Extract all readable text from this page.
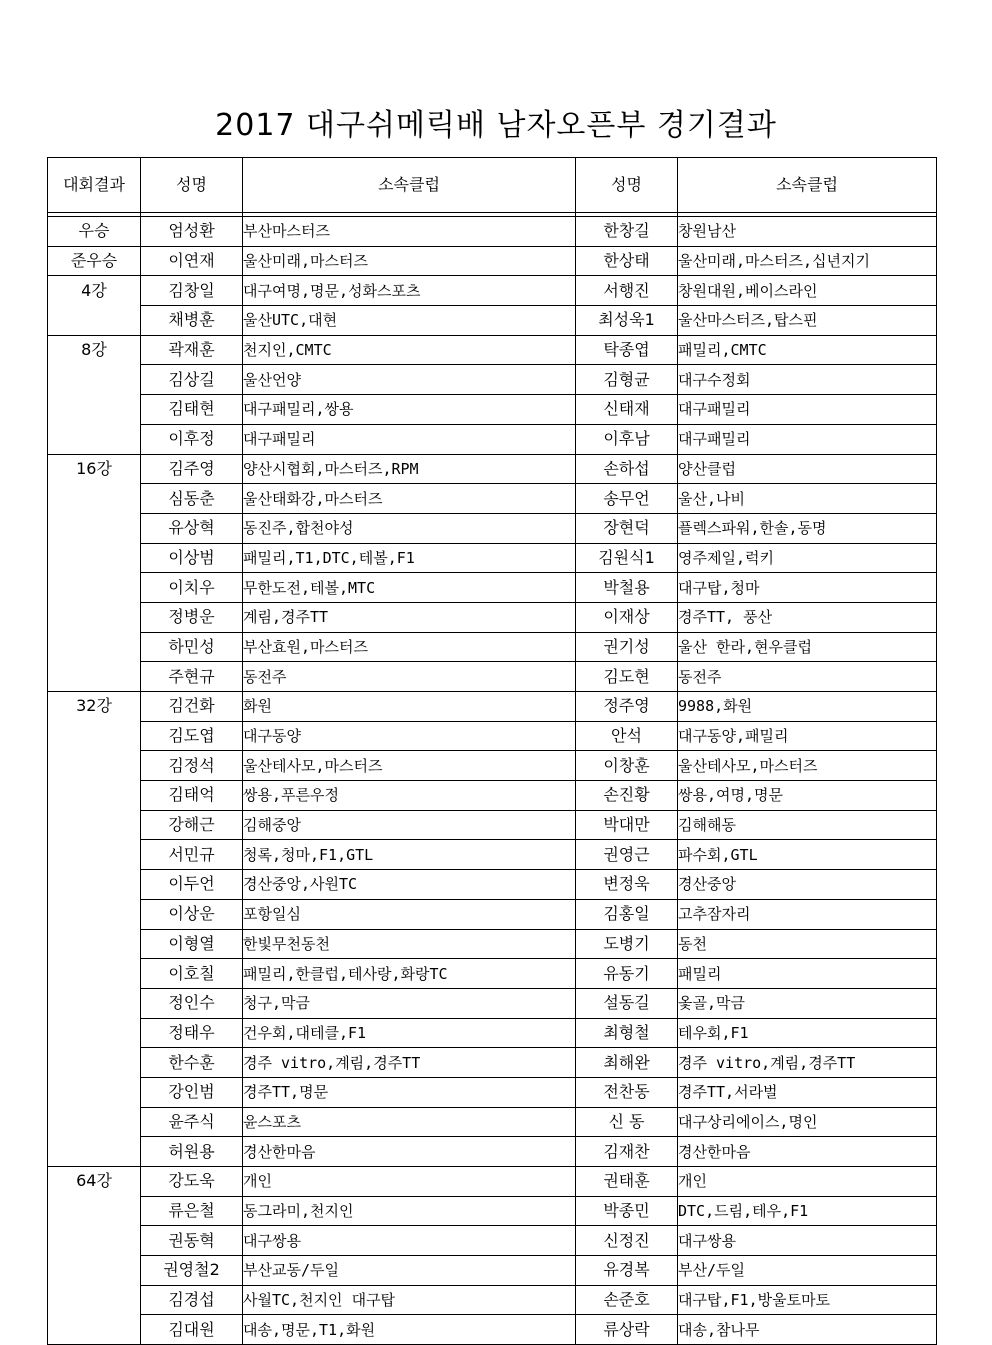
2017 대구쉬메릭배 남자오픈부 경기결과
대회결과	성명	소속클럽	성명	소속클럽

우승	엄성환	부산마스터즈	한창길	창원남산
준우승	이연재	울산미래,마스터즈	한상태	울산미래,마스터즈,십년지기
4강	김창일	대구여명,명문,성화스포츠	서행진	창원대원,베이스라인
	채병훈	울산UTC,대현	최성욱1	울산마스터즈,탑스핀
8강	곽재훈	천지인,CMTC	탁종엽	패밀리,CMTC
	김상길	울산언양	김형균	대구수정회
	김태현	대구패밀리,쌍용	신태재	대구패밀리
	이후정	대구패밀리	이후남	대구패밀리
16강	김주영	양산시협회,마스터즈,RPM	손하섭	양산클럽
	심동춘	울산태화강,마스터즈	송무언	울산,나비
	유상혁	동진주,합천야성	장현덕	플렉스파워,한솔,동명
	이상범	패밀리,T1,DTC,테볼,F1	김원식1	영주제일,럭키
	이치우	무한도전,테볼,MTC	박철용	대구탑,청마
	정병운	계림,경주TT	이재상	경주TT, 풍산
	하민성	부산효원,마스터즈	권기성	울산 한라,현우클럽
	주현규	동전주	김도현	동전주
32강	김건화	화원	정주영	9988,화원
	김도엽	대구동양	안석	대구동양,패밀리
	김정석	울산테사모,마스터즈	이창훈	울산테사모,마스터즈
	김태억	쌍용,푸른우정	손진황	쌍용,여명,명문
	강해근	김해중앙	박대만	김해해동
	서민규	청록,청마,F1,GTL	권영근	파수회,GTL
	이두언	경산중앙,사원TC	변정욱	경산중앙
	이상운	포항일심	김홍일	고추잠자리
	이형열	한빛무천동천	도병기	동천
	이호칠	패밀리,한클럽,테사랑,화랑TC	유동기	패밀리
	정인수	청구,막금	설동길	옻골,막금
	정태우	건우회,대테클,F1	최형철	테우회,F1
	한수훈	경주 vitro,계림,경주TT	최해완	경주 vitro,계림,경주TT
	강인범	경주TT,명문	전찬동	경주TT,서라벌
	윤주식	윤스포츠	신 동	대구상리에이스,명인
	허원용	경산한마음	김재찬	경산한마음
64강	강도욱	개인	권태훈	개인
	류은철	동그라미,천지인	박종민	DTC,드림,테우,F1
	권동혁	대구쌍용	신정진	대구쌍용
	권영철2	부산교동/두일	유경복	부산/두일
	김경섭	사월TC,천지인 대구탑	손준호	대구탑,F1,방울토마토
	김대원	대송,명문,T1,화원	류상락	대송,참나무
